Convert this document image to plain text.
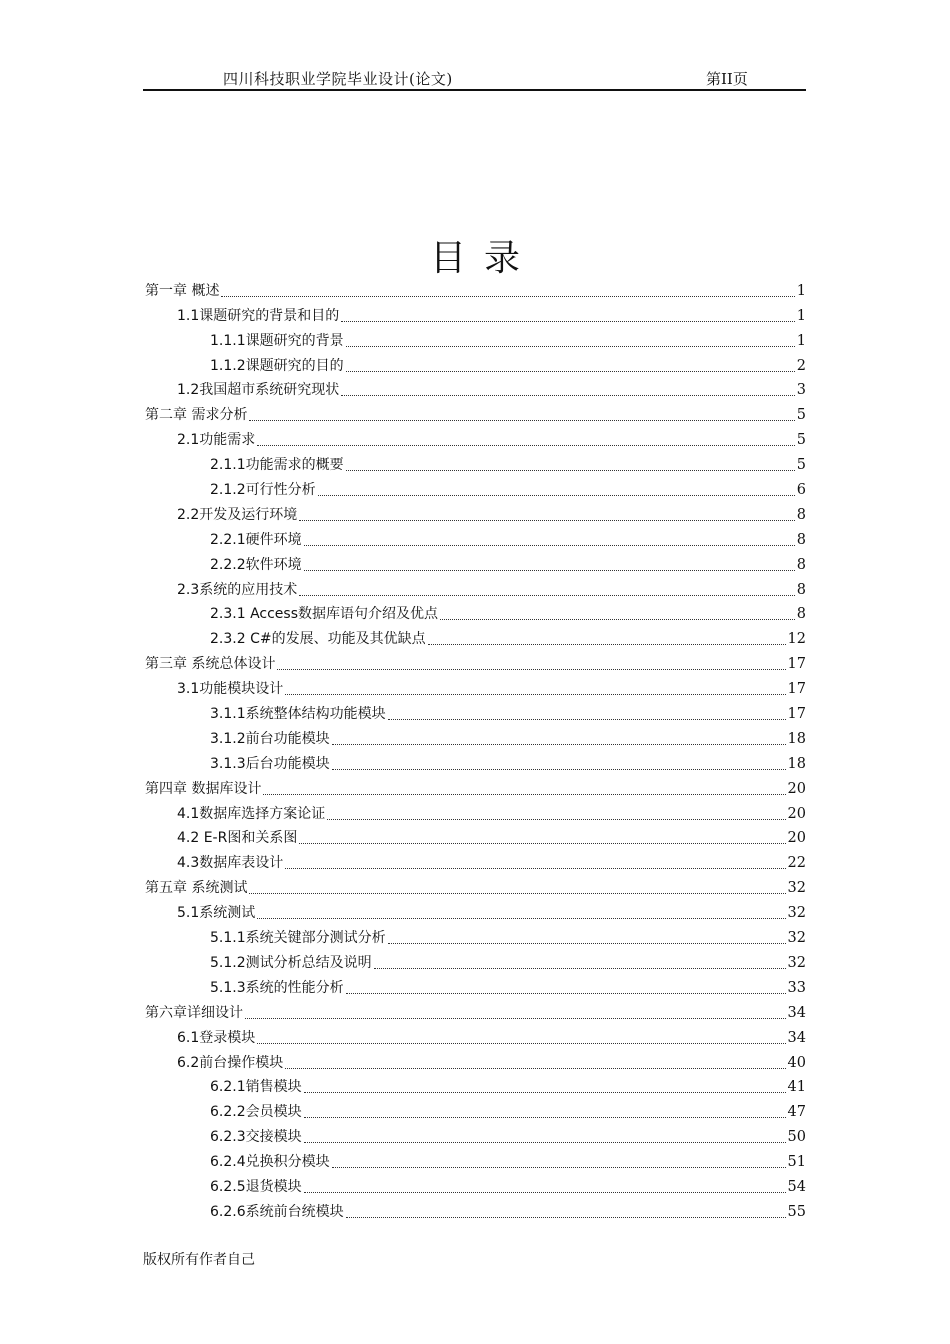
四川科技职业学院毕业设计(论文)	第II页
目录
第一章 概述	1
1.1课题研究的背景和目的	1
1.1.1课题研究的背景	1
1.1.2课题研究的目的	2
1.2我国超市系统研究现状	3
第二章 需求分析	5
2.1功能需求	5
2.1.1功能需求的概要	5
2.1.2可行性分析	6
2.2开发及运行环境	8
2.2.1硬件环境	8
2.2.2软件环境	8
2.3系统的应用技术	8
2.3.1 Access数据库语句介绍及优点	8
2.3.2 C#的发展、功能及其优缺点	12
第三章 系统总体设计	17
3.1功能模块设计	17
3.1.1系统整体结构功能模块	17
3.1.2前台功能模块	18
3.1.3后台功能模块	18
第四章 数据库设计	20
4.1数据库选择方案论证	20
4.2 E-R图和关系图	20
4.3数据库表设计	22
第五章 系统测试	32
5.1系统测试	32
5.1.1系统关键部分测试分析	32
5.1.2测试分析总结及说明	32
5.1.3系统的性能分析	33
第六章详细设计	34
6.1登录模块	34
6.2前台操作模块	40
6.2.1销售模块	41
6.2.2会员模块	47
6.2.3交接模块	50
6.2.4兑换积分模块	51
6.2.5退货模块	54
6.2.6系统前台统模块	55
版权所有作者自己
